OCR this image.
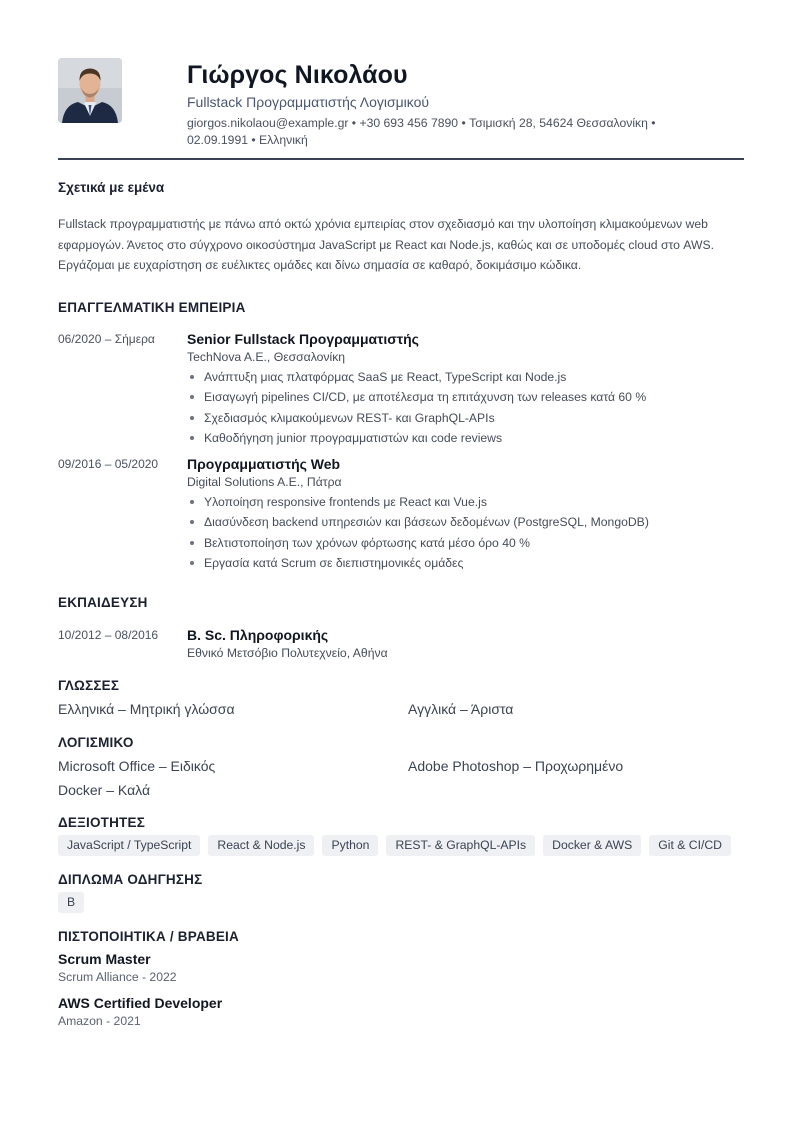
Γιώργος Νικολάου
Fullstack Προγραμματιστής Λογισμικού
giorgos.nikolaou@example.gr • +30 693 456 7890 • Τσιμισκή 28, 54624 Θεσσαλονίκη • 02.09.1991 • Ελληνική
Σχετικά με εμένα
Fullstack προγραμματιστής με πάνω από οκτώ χρόνια εμπειρίας στον σχεδιασμό και την υλοποίηση κλιμακούμενων web εφαρμογών. Άνετος στο σύγχρονο οικοσύστημα JavaScript με React και Node.js, καθώς και σε υποδομές cloud στο AWS. Εργάζομαι με ευχαρίστηση σε ευέλικτες ομάδες και δίνω σημασία σε καθαρό, δοκιμάσιμο κώδικα.
ΕΠΑΓΓΕΛΜΑΤΙΚΗ ΕΜΠΕΙΡΙΑ
06/2020 – Σήμερα Senior Fullstack Προγραμματιστής
TechNova A.E., Θεσσαλονίκη
Ανάπτυξη μιας πλατφόρμας SaaS με React, TypeScript και Node.js
Εισαγωγή pipelines CI/CD, με αποτέλεσμα τη επιτάχυνση των releases κατά 60 %
Σχεδιασμός κλιμακούμενων REST- και GraphQL-APIs
Καθοδήγηση junior προγραμματιστών και code reviews
09/2016 – 05/2020 Προγραμματιστής Web
Digital Solutions A.E., Πάτρα
Υλοποίηση responsive frontends με React και Vue.js
Διασύνδεση backend υπηρεσιών και βάσεων δεδομένων (PostgreSQL, MongoDB)
Βελτιστοποίηση των χρόνων φόρτωσης κατά μέσο όρο 40 %
Εργασία κατά Scrum σε διεπιστημονικές ομάδες
ΕΚΠΑΙΔΕΥΣΗ
10/2012 – 08/2016 B. Sc. Πληροφορικής
Εθνικό Μετσόβιο Πολυτεχνείο, Αθήνα
ΓΛΩΣΣΕΣ
Ελληνικά – Μητρική γλώσσα	Αγγλικά – Άριστα
ΛΟΓΙΣΜΙΚΟ
Microsoft Office – Ειδικός	Adobe Photoshop – Προχωρημένο
Docker – Καλά
ΔΕΞΙΟΤΗΤΕΣ
JavaScript / TypeScript	React & Node.js	Python	REST- & GraphQL-APIs	Docker & AWS	Git & CI/CD
ΔΙΠΛΩΜΑ ΟΔΗΓΗΣΗΣ
B
ΠΙΣΤΟΠΟΙΗΤΙΚΑ / ΒΡΑΒΕΙΑ
Scrum Master
Scrum Alliance - 2022
AWS Certified Developer
Amazon - 2021
